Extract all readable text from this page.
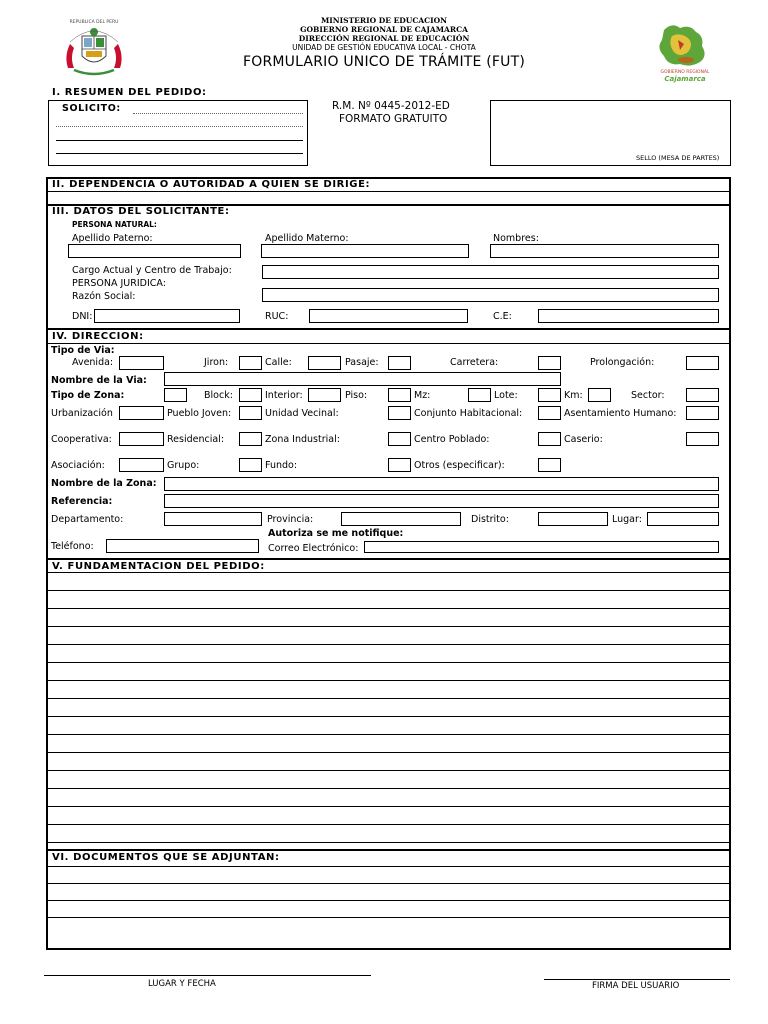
REPUBLICA DEL PERU	MINISTERIO DE EDUCACION
GOBIERNO REGIONAL DE CAJAMARCA
DIRECCIÓN REGIONAL DE EDUCACIÓN
UNIDAD DE GESTIÓN EDUCATIVA LOCAL - CHOTA
FORMULARIO UNICO DE TRÁMITE (FUT)
GOBIERNO REGIONAL
Cajamarca
I. RESUMEN DEL PEDIDO:
SOLICITO:	R.M. Nº 0445-2012-ED
FORMATO GRATUITO
SELLO (MESA DE PARTES)
II. DEPENDENCIA O AUTORIDAD A QUIEN SE DIRIGE:
III. DATOS DEL SOLICITANTE:
PERSONA NATURAL:
Apellido Paterno:	Apellido Materno:	Nombres:
Cargo Actual y Centro de Trabajo:
PERSONA JURIDICA:
Razón Social:
DNI:	RUC:	C.E:
IV. DIRECCION:
Tipo de Via:
Avenida:	Jiron:	Calle:	Pasaje:	Carretera:	Prolongación:
Nombre de la Via:
Tipo de Zona:	Block:	Interior:	Piso:	Mz:	Lote:	Km:	Sector:
Urbanización	Pueblo Joven:	Unidad Vecinal:	Conjunto Habitacional:	Asentamiento Humano:
Cooperativa:	Residencial:	Zona Industrial:	Centro Poblado:	Caserio:
Asociación:	Grupo:	Fundo:	Otros (especificar):
Nombre de la Zona:
Referencia:
Departamento:	Provincia:	Distrito:	Lugar:
Autoriza se me notifique:
Teléfono:	Correo Electrónico:
V. FUNDAMENTACION DEL PEDIDO:
VI. DOCUMENTOS QUE SE ADJUNTAN:
LUGAR Y FECHA	FIRMA DEL USUARIO
